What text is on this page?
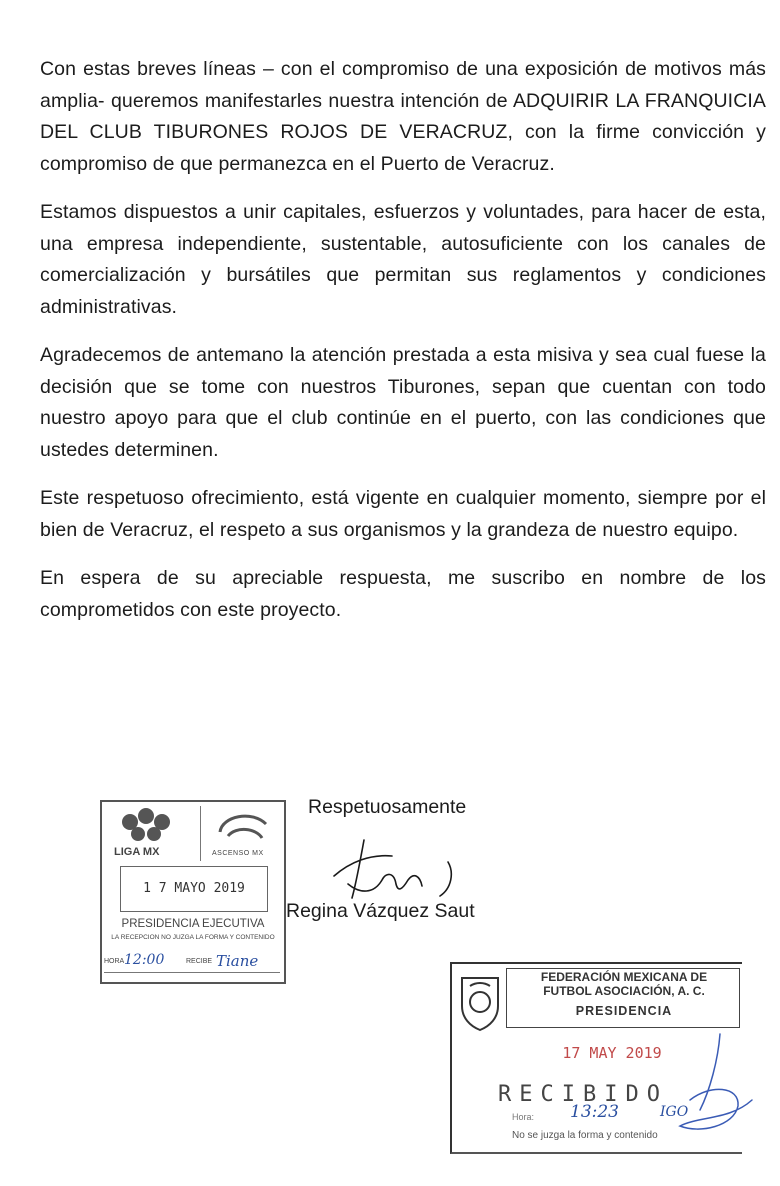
Con estas breves líneas – con el compromiso de una exposición de motivos más amplia- queremos manifestarles nuestra intención de ADQUIRIR LA FRANQUICIA DEL CLUB TIBURONES ROJOS DE VERACRUZ, con la firme convicción y compromiso de que permanezca en el Puerto de Veracruz.

Estamos dispuestos a unir capitales, esfuerzos y voluntades, para hacer de esta, una empresa independiente, sustentable, autosuficiente con los canales de comercialización y bursátiles que permitan sus reglamentos y condiciones administrativas.

Agradecemos de antemano la atención prestada a esta misiva y sea cual fuese la decisión que se tome con nuestros Tiburones, sepan que cuentan con todo nuestro apoyo para que el club continúe en el puerto, con las condiciones que ustedes determinen.

Este respetuoso ofrecimiento, está vigente en cualquier momento, siempre por el bien de Veracruz, el respeto a sus organismos y la grandeza de nuestro equipo.

En espera de su apreciable respuesta, me suscribo en nombre de los comprometidos con este proyecto.

Respetuosamente
Regina Vázquez Saut
LIGA MX	ASCENSO MX
1 7 MAYO 2019
PRESIDENCIA EJECUTIVA
LA RECEPCION NO JUZGA LA FORMA Y CONTENIDO
HORA 12:00	RECIBE Tiane
FEDERACIÓN MEXICANA DE
FUTBOL ASOCIACIÓN, A. C.
PRESIDENCIA
17 MAY 2019
RECIBIDO
Hora: 13:23	IGO
No se juzga la forma y contenido
